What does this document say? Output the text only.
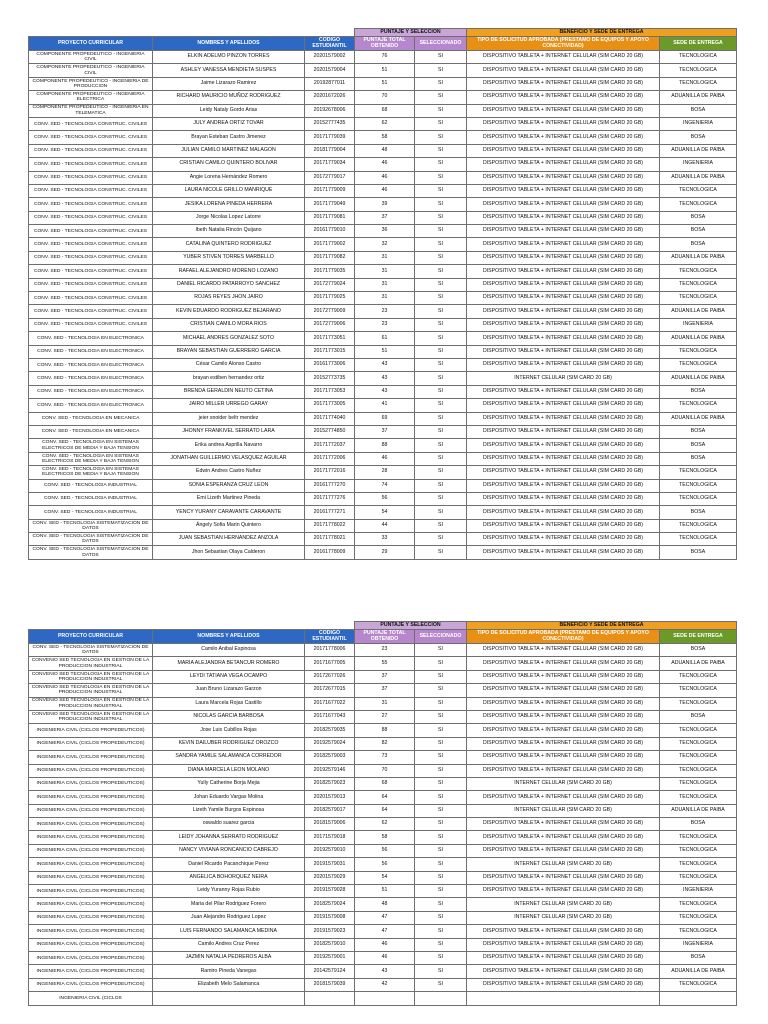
			PUNTAJE Y SELECCIÓN		BENEFICIO Y SEDE DE ENTREGA	
PROYECTO CURRICULAR	NOMBRES Y APELLIDOS	CODIGO ESTUDIANTIL	PUNTAJE TOTAL OBTENIDO	SELECCIONADO	TIPO DE SOLICITUD APROBADA (PRESTAMO DE EQUIPOS Y APOYO CONECTIVIDAD)	SEDE DE ENTREGA
COMPONENTE PROPEDEUTICO - INGENIERIA CIVIL	ELKIN ADELMO PINZON TORRES	20201579002	76	SI	DISPOSITIVO TABLETA + INTERNET CELULAR (SIM CARD 20 GB)	TECNOLOGICA
COMPONENTE PROPEDEUTICO - INGENIERIA CIVIL	ASHLEY VANESSA MENDIETA SUSPES	20201579004	51	SI	DISPOSITIVO TABLETA + INTERNET CELULAR (SIM CARD 20 GB)	TECNOLOGICA
COMPONENTE PROPEDEUTICO - INGENIERIA DE PRODUCCION	Jaime Lizarazo Ramirez	20192877011	51	SI	DISPOSITIVO TABLETA + INTERNET CELULAR (SIM CARD 20 GB)	TECNOLOGICA
COMPONENTE PROPEDEUTICO - INGENIERIA ELECTRICA	RICHARD MAURICIO MUÑOZ RODRIGUEZ	20201672026	70	SI	DISPOSITIVO TABLETA + INTERNET CELULAR (SIM CARD 20 GB)	ADUANILLA DE PAIBA
COMPONENTE PROPEDEUTICO - INGENIERIA EN TELEMATICA	Leidy Nataly Gordo Arias	20192678006	68	SI	DISPOSITIVO TABLETA + INTERNET CELULAR (SIM CARD 20 GB)	BOSA
CONV. SED - TECNOLOGIA CONSTRUC. CIVILES	JULY ANDREA ORTIZ TOVAR	20152777435	62	SI	DISPOSITIVO TABLETA + INTERNET CELULAR (SIM CARD 20 GB)	INGENIERIA
CONV. SED - TECNOLOGIA CONSTRUC. CIVILES	Brayan Esteban Castro Jimenez	20171779039	58	SI	DISPOSITIVO TABLETA + INTERNET CELULAR (SIM CARD 20 GB)	BOSA
CONV. SED - TECNOLOGIA CONSTRUC. CIVILES	JULIAN CAMILO MARTINEZ MALAGON	20181779004	48	SI	DISPOSITIVO TABLETA + INTERNET CELULAR (SIM CARD 20 GB)	ADUANILLA DE PAIBA
CONV. SED - TECNOLOGIA CONSTRUC. CIVILES	CRISTIAN CAMILO QUINTERO BOLIVAR	20171779034	46	SI	DISPOSITIVO TABLETA + INTERNET CELULAR (SIM CARD 20 GB)	INGENIERIA
CONV. SED - TECNOLOGIA CONSTRUC. CIVILES	Angie Lorena Hernández Romero	20172779017	46	SI	DISPOSITIVO TABLETA + INTERNET CELULAR (SIM CARD 20 GB)	ADUANILLA DE PAIBA
CONV. SED - TECNOLOGIA CONSTRUC. CIVILES	LAURA NICOLE GRILLO MANRIQUE	20171779009	46	SI	DISPOSITIVO TABLETA + INTERNET CELULAR (SIM CARD 20 GB)	TECNOLOGICA
CONV. SED - TECNOLOGIA CONSTRUC. CIVILES	JESIKA LORENA PINEDA HERRERA	20171779049	39	SI	DISPOSITIVO TABLETA + INTERNET CELULAR (SIM CARD 20 GB)	TECNOLOGICA
CONV. SED - TECNOLOGIA CONSTRUC. CIVILES	Jorge Nicolas Lopez Latorre	20171779081	37	SI	DISPOSITIVO TABLETA + INTERNET CELULAR (SIM CARD 20 GB)	BOSA
CONV. SED - TECNOLOGIA CONSTRUC. CIVILES	Ibeth Natalia Rincón Quijano	20161779010	36	SI	DISPOSITIVO TABLETA + INTERNET CELULAR (SIM CARD 20 GB)	BOSA
CONV. SED - TECNOLOGIA CONSTRUC. CIVILES	CATALINA QUINTERO RODRIGUEZ	20171779002	32	SI	DISPOSITIVO TABLETA + INTERNET CELULAR (SIM CARD 20 GB)	BOSA
CONV. SED - TECNOLOGIA CONSTRUC. CIVILES	YUBER STIVEN TORRES MARBELLO	20171779082	31	SI	DISPOSITIVO TABLETA + INTERNET CELULAR (SIM CARD 20 GB)	ADUANILLA DE PAIBA
CONV. SED - TECNOLOGIA CONSTRUC. CIVILES	RAFAEL ALEJANDRO MORENO LOZANO	20171779035	31	SI	DISPOSITIVO TABLETA + INTERNET CELULAR (SIM CARD 20 GB)	TECNOLOGICA
CONV. SED - TECNOLOGIA CONSTRUC. CIVILES	DANIEL RICARDO PATARROYO SANCHEZ	20172779024	31	SI	DISPOSITIVO TABLETA + INTERNET CELULAR (SIM CARD 20 GB)	TECNOLOGICA
CONV. SED - TECNOLOGIA CONSTRUC. CIVILES	ROJAS REYES JHON JAIRO	20171779025	31	SI	DISPOSITIVO TABLETA + INTERNET CELULAR (SIM CARD 20 GB)	TECNOLOGICA
CONV. SED - TECNOLOGIA CONSTRUC. CIVILES	KEVIN EDUARDO RODRIGUEZ BEJARANO	20172779009	23	SI	DISPOSITIVO TABLETA + INTERNET CELULAR (SIM CARD 20 GB)	ADUANILLA DE PAIBA
CONV. SED - TECNOLOGIA CONSTRUC. CIVILES	CRISTIAN CAMILO MORA RIOS	20172779006	23	SI	DISPOSITIVO TABLETA + INTERNET CELULAR (SIM CARD 20 GB)	INGENIERIA
CONV. SED - TECNOLOGIA EN ELECTRONICA	MICHAEL ANDRES GONZALEZ SOTO	20171773051	61	SI	DISPOSITIVO TABLETA + INTERNET CELULAR (SIM CARD 20 GB)	ADUANILLA DE PAIBA
CONV. SED - TECNOLOGIA EN ELECTRONICA	BRAYAN SEBASTIAN GUERRERO GARCIA	20171773015	51	SI	DISPOSITIVO TABLETA + INTERNET CELULAR (SIM CARD 20 GB)	TECNOLOGICA
CONV. SED - TECNOLOGIA EN ELECTRONICA	César Camilo Alonso Castro	20161773006	43	SI	DISPOSITIVO TABLETA + INTERNET CELULAR (SIM CARD 20 GB)	TECNOLOGICA
CONV. SED - TECNOLOGIA EN ELECTRONICA	brayan estiben hernandez ortiz	20152773735	43	SI	INTERNET CELULAR (SIM CARD 20 GB)	ADUANILLA DE PAIBA
CONV. SED - TECNOLOGIA EN ELECTRONICA	BRENDA GERALDIN NEUTO CETINA	20171773053	43	SI	DISPOSITIVO TABLETA + INTERNET CELULAR (SIM CARD 20 GB)	BOSA
CONV. SED - TECNOLOGIA EN ELECTRONICA	JAIRO MILLER URREGO GARAY	20171773005	41	SI	DISPOSITIVO TABLETA + INTERNET CELULAR (SIM CARD 20 GB)	TECNOLOGICA
CONV. SED - TECNOLOGIA EN MECANICA	jeier snoider beltr mendez	20171774040	69	SI	DISPOSITIVO TABLETA + INTERNET CELULAR (SIM CARD 20 GB)	ADUANILLA DE PAIBA
CONV. SED - TECNOLOGIA EN MECANICA	JHONNY FRANKIVEL SERRATO LARA	20152774850	37	SI	DISPOSITIVO TABLETA + INTERNET CELULAR (SIM CARD 20 GB)	BOSA
CONV. SED - TECNOLOGIA EN SISTEMAS ELECTRICOS DE MEDIA Y BAJA TENSION	Erika andrea Asprilla Navarro	20171772037	88	SI	DISPOSITIVO TABLETA + INTERNET CELULAR (SIM CARD 20 GB)	BOSA
CONV. SED - TECNOLOGIA EN SISTEMAS ELECTRICOS DE MEDIA Y BAJA TENSION	JONATHAN GUILLERMO VELASQUEZ AGUILAR	20171772006	46	SI	DISPOSITIVO TABLETA + INTERNET CELULAR (SIM CARD 20 GB)	BOSA
CONV. SED - TECNOLOGIA EN SISTEMAS ELECTRICOS DE MEDIA Y BAJA TENSION	Edwin Andres Castro Nuñez	20171772016	28	SI	DISPOSITIVO TABLETA + INTERNET CELULAR (SIM CARD 20 GB)	TECNOLOGICA
CONV. SED - TECNOLOGIA INDUSTRIAL	SONIA ESPERANZA CRUZ LEON	20161777270	74	SI	DISPOSITIVO TABLETA + INTERNET CELULAR (SIM CARD 20 GB)	TECNOLOGICA
CONV. SED - TECNOLOGIA INDUSTRIAL	Emi Lizeth Martinez Pineda	20171777276	56	SI	DISPOSITIVO TABLETA + INTERNET CELULAR (SIM CARD 20 GB)	TECNOLOGICA
CONV. SED - TECNOLOGIA INDUSTRIAL	YENCY YURANY CARAVANTE CARAVANTE	20161777271	54	SI	DISPOSITIVO TABLETA + INTERNET CELULAR (SIM CARD 20 GB)	BOSA
CONV. SED - TECNOLOGIA SISTEMATIZACION DE DATOS	Ángely Sofia Marin Quintero	20171778022	44	SI	DISPOSITIVO TABLETA + INTERNET CELULAR (SIM CARD 20 GB)	TECNOLOGICA
CONV. SED - TECNOLOGIA SISTEMATIZACION DE DATOS	JUAN SEBASTIAN HERNANDEZ ANZOLA	20171778021	33	SI	DISPOSITIVO TABLETA + INTERNET CELULAR (SIM CARD 20 GB)	TECNOLOGICA
CONV. SED - TECNOLOGIA SISTEMATIZACION DE DATOS	Jhon Sebastian Olaya Calderon	20161778009	29	SI	DISPOSITIVO TABLETA + INTERNET CELULAR (SIM CARD 20 GB)	BOSA
			PUNTAJE Y SELECCIÓN		BENEFICIO Y SEDE DE ENTREGA	
PROYECTO CURRICULAR	NOMBRES Y APELLIDOS	CODIGO ESTUDIANTIL	PUNTAJE TOTAL OBTENIDO	SELECCIONADO	TIPO DE SOLICITUD APROBADA (PRESTAMO DE EQUIPOS Y APOYO CONECTIVIDAD)	SEDE DE ENTREGA
CONV. SED - TECNOLOGIA SISTEMATIZACION DE DATOS	Camilo Anibal Espinosa	20171778006	23	SI	DISPOSITIVO TABLETA + INTERNET CELULAR (SIM CARD 20 GB)	BOSA
CONVENIO SED TECNOLOGIA EN GESTION DE LA PRODUCCION INDUSTRIAL	MARIA ALEJANDRA BETANCUR ROMERO	20171677005	55	SI	DISPOSITIVO TABLETA + INTERNET CELULAR (SIM CARD 20 GB)	ADUANILLA DE PAIBA
CONVENIO SED TECNOLOGIA EN GESTION DE LA PRODUCCION INDUSTRIAL	LEYDI TATIANA VEGA OCAMPO	20172677026	37	SI	DISPOSITIVO TABLETA + INTERNET CELULAR (SIM CARD 20 GB)	TECNOLOGICA
CONVENIO SED TECNOLOGIA EN GESTION DE LA PRODUCCION INDUSTRIAL	Juan Bruno Lizarazo Garzon	20172677015	37	SI	DISPOSITIVO TABLETA + INTERNET CELULAR (SIM CARD 20 GB)	TECNOLOGICA
CONVENIO SED TECNOLOGIA EN GESTION DE LA PRODUCCION INDUSTRIAL	Laura Marcela Rojas Castillo	20171677022	31	SI	DISPOSITIVO TABLETA + INTERNET CELULAR (SIM CARD 20 GB)	TECNOLOGICA
CONVENIO SED TECNOLOGIA EN GESTION DE LA PRODUCCION INDUSTRIAL	NICOLAS GARCIA BARBOSA	20171677043	27	SI	DISPOSITIVO TABLETA + INTERNET CELULAR (SIM CARD 20 GB)	BOSA
INGENIERIA CIVIL (CICLOS PROPEDEUTICOS)	Jose Luis Cubillos Rojas	20182579035	88	SI	DISPOSITIVO TABLETA + INTERNET CELULAR (SIM CARD 20 GB)	TECNOLOGICA
INGENIERIA CIVIL (CICLOS PROPEDEUTICOS)	KEVIN DAILUBER RODRIGUEZ OROZCO	20192579024	82	SI	DISPOSITIVO TABLETA + INTERNET CELULAR (SIM CARD 20 GB)	TECNOLOGICA
INGENIERIA CIVIL (CICLOS PROPEDEUTICOS)	SANDRA YAMILE SALAMANCA CORREDOR	20182579003	73	SI	DISPOSITIVO TABLETA + INTERNET CELULAR (SIM CARD 20 GB)	TECNOLOGICA
INGENIERIA CIVIL (CICLOS PROPEDEUTICOS)	DIANA MARCELA LEON MOLANO	20192579146	70	SI	DISPOSITIVO TABLETA + INTERNET CELULAR (SIM CARD 20 GB)	TECNOLOGICA
INGENIERIA CIVIL (CICLOS PROPEDEUTICOS)	Yully Catherine Borja Mejia	20182579023	68	SI	INTERNET CELULAR (SIM CARD 20 GB)	TECNOLOGICA
INGENIERIA CIVIL (CICLOS PROPEDEUTICOS)	Johan Eduardo Vargas Molina	20201579013	64	SI	DISPOSITIVO TABLETA + INTERNET CELULAR (SIM CARD 20 GB)	TECNOLOGICA
INGENIERIA CIVIL (CICLOS PROPEDEUTICOS)	Lizeth Yamile Burgos Espinosa	20182579017	64	SI	INTERNET CELULAR (SIM CARD 20 GB)	ADUANILLA DE PAIBA
INGENIERIA CIVIL (CICLOS PROPEDEUTICOS)	oswaldo suarez garcia	20181579006	62	SI	DISPOSITIVO TABLETA + INTERNET CELULAR (SIM CARD 20 GB)	BOSA
INGENIERIA CIVIL (CICLOS PROPEDEUTICOS)	LEIDY JOHANNA SERRATO RODRIGUEZ	20171579018	58	SI	DISPOSITIVO TABLETA + INTERNET CELULAR (SIM CARD 20 GB)	TECNOLOGICA
INGENIERIA CIVIL (CICLOS PROPEDEUTICOS)	NANCY VIVIANA RONCANCIO CABREJO	20192579010	56	SI	DISPOSITIVO TABLETA + INTERNET CELULAR (SIM CARD 20 GB)	TECNOLOGICA
INGENIERIA CIVIL (CICLOS PROPEDEUTICOS)	Daniel Ricardo Pacanchique Perez	20191579031	56	SI	INTERNET CELULAR (SIM CARD 20 GB)	TECNOLOGICA
INGENIERIA CIVIL (CICLOS PROPEDEUTICOS)	ANGELICA BOHORQUEZ NEIRA	20201579029	54	SI	DISPOSITIVO TABLETA + INTERNET CELULAR (SIM CARD 20 GB)	TECNOLOGICA
INGENIERIA CIVIL (CICLOS PROPEDEUTICOS)	Leidy Yuranny Rojas Rubio	20191579028	51	SI	DISPOSITIVO TABLETA + INTERNET CELULAR (SIM CARD 20 GB)	INGENIERIA
INGENIERIA CIVIL (CICLOS PROPEDEUTICOS)	Maria del Pilar Rodriguez Forero	20182579024	48	SI	INTERNET CELULAR (SIM CARD 20 GB)	TECNOLOGICA
INGENIERIA CIVIL (CICLOS PROPEDEUTICOS)	Juan Alejandro Rodriguez Lopez	20191579008	47	SI	INTERNET CELULAR (SIM CARD 20 GB)	TECNOLOGICA
INGENIERIA CIVIL (CICLOS PROPEDEUTICOS)	LUIS FERNANDO SALAMANCA MEDINA	20191579023	47	SI	DISPOSITIVO TABLETA + INTERNET CELULAR (SIM CARD 20 GB)	TECNOLOGICA
INGENIERIA CIVIL (CICLOS PROPEDEUTICOS)	Camilo Andres Cruz Perez	20182579010	46	SI	DISPOSITIVO TABLETA + INTERNET CELULAR (SIM CARD 20 GB)	INGENIERIA
INGENIERIA CIVIL (CICLOS PROPEDEUTICOS)	JAZMIN NATALIA PEDREROS ALBA	20192579001	46	SI	DISPOSITIVO TABLETA + INTERNET CELULAR (SIM CARD 20 GB)	BOSA
INGENIERIA CIVIL (CICLOS PROPEDEUTICOS)	Ramiro Pineda Vanegas	20142579124	43	SI	DISPOSITIVO TABLETA + INTERNET CELULAR (SIM CARD 20 GB)	ADUANILLA DE PAIBA
INGENIERIA CIVIL (CICLOS PROPEDEUTICOS)	Elizabeth Melo Salamanca	20181579039	42	SI	DISPOSITIVO TABLETA + INTERNET CELULAR (SIM CARD 20 GB)	TECNOLOGICA
INGENIERIA CIVIL (CICLOS						
